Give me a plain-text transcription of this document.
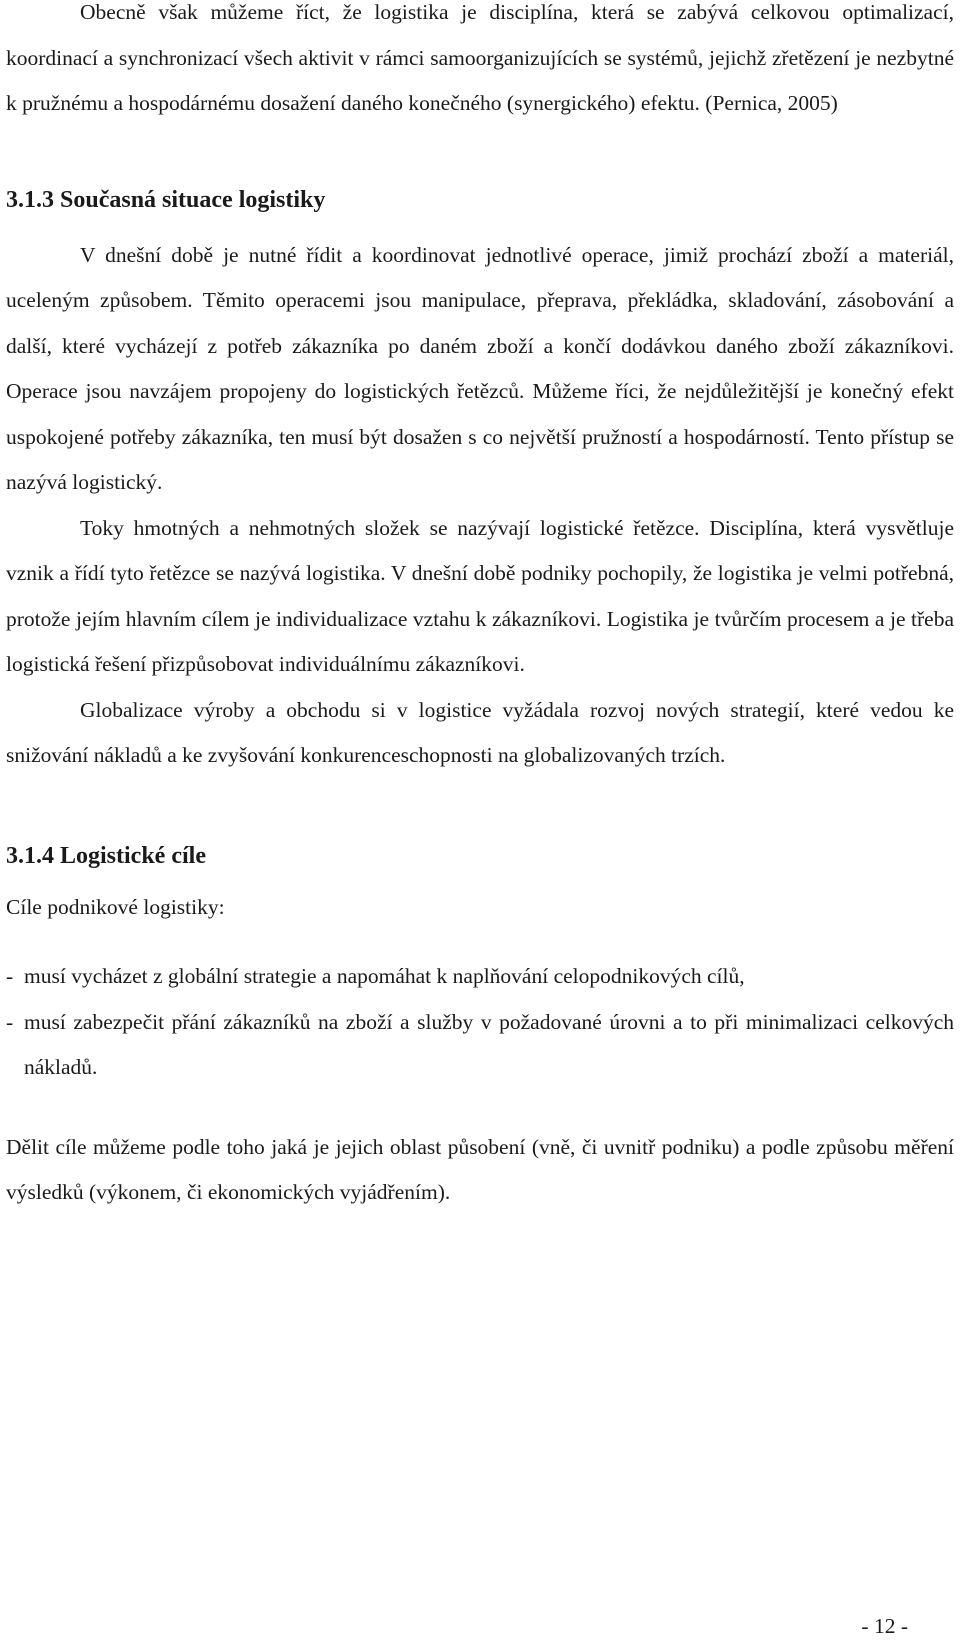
Obecně však můžeme říct, že logistika je disciplína, která se zabývá celkovou optimalizací, koordinací a synchronizací všech aktivit v rámci samoorganizujících se systémů, jejichž zřetězení je nezbytné k pružnému a hospodárnému dosažení daného konečného (synergického) efektu. (Pernica, 2005)

3.1.3 Současná situace logistiky

V dnešní době je nutné řídit a koordinovat jednotlivé operace, jimiž prochází zboží a materiál, uceleným způsobem. Těmito operacemi jsou manipulace, přeprava, překládka, skladování, zásobování a další, které vycházejí z potřeb zákazníka po daném zboží a končí dodávkou daného zboží zákazníkovi. Operace jsou navzájem propojeny do logistických řetězců. Můžeme říci, že nejdůležitější je konečný efekt uspokojené potřeby zákazníka, ten musí být dosažen s co největší pružností a hospodárností. Tento přístup se nazývá logistický.

Toky hmotných a nehmotných složek se nazývají logistické řetězce. Disciplína, která vysvětluje vznik a řídí tyto řetězce se nazývá logistika. V dnešní době podniky pochopily, že logistika je velmi potřebná, protože jejím hlavním cílem je individualizace vztahu k zákazníkovi. Logistika je tvůrčím procesem a je třeba logistická řešení přizpůsobovat individuálnímu zákazníkovi.

Globalizace výroby a obchodu si v logistice vyžádala rozvoj nových strategií, které vedou ke snižování nákladů a ke zvyšování konkurenceschopnosti na globalizovaných trzích.

3.1.4 Logistické cíle

Cíle podnikové logistiky:

- musí vycházet z globální strategie a napomáhat k naplňování celopodnikových cílů,
- musí zabezpečit přání zákazníků na zboží a služby v požadované úrovni a to při minimalizaci celkových nákladů.

Dělit cíle můžeme podle toho jaká je jejich oblast působení (vně, či uvnitř podniku) a podle způsobu měření výsledků (výkonem, či ekonomických vyjádřením).

- 12 -
